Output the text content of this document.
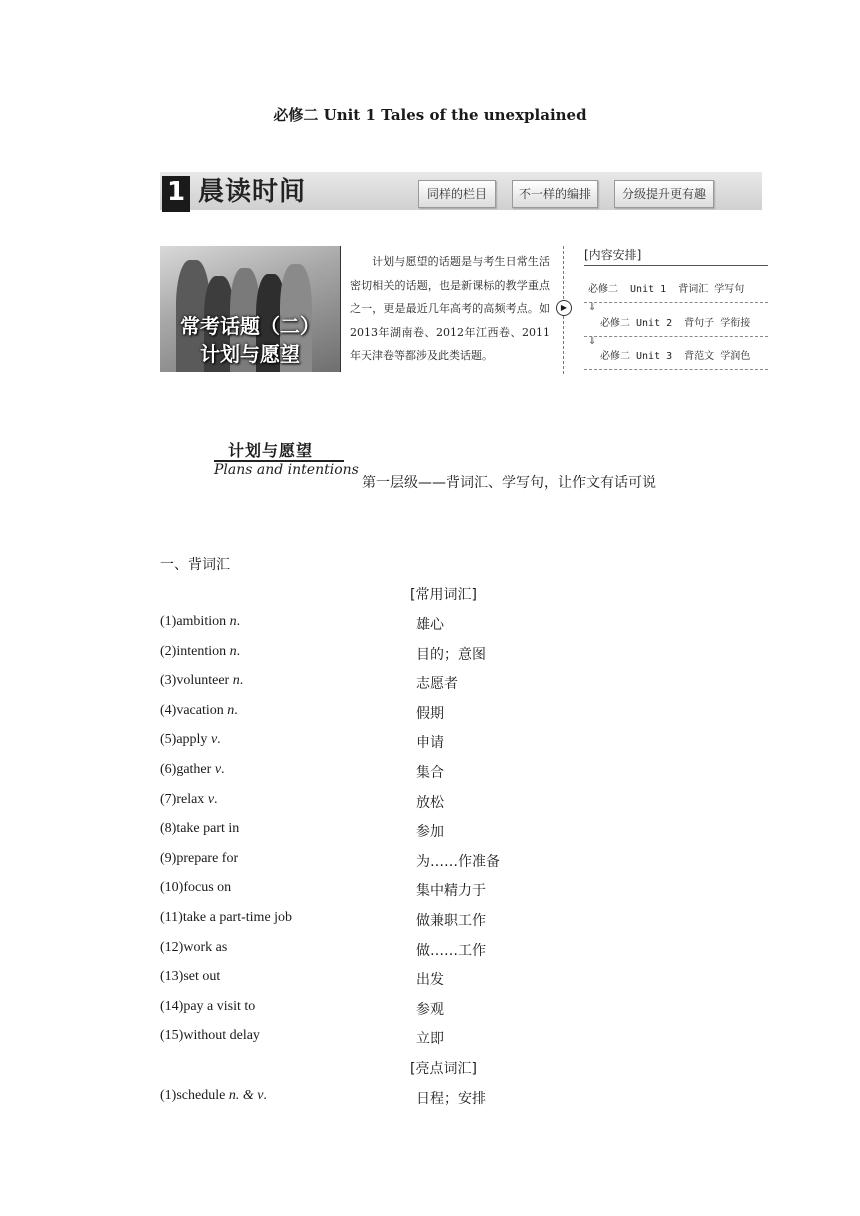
必修二 Unit 1 Tales of the unexplained
1 晨读时间	同样的栏目	不一样的编排	分级提升更有趣
常考话题（二）
计划与愿望
计划与愿望的话题是与考生日常生活密切相关的话题，也是新课标的教学重点之一，更是最近几年高考的高频考点。如2013年湖南卷、2012年江西卷、2011年天津卷等都涉及此类话题。
▶
[内容安排]
必修二  Unit 1  背词汇 学写句
⇓
必修二 Unit 2  背句子 学衔接
⇓
必修二 Unit 3  背范文 学润色
计划与愿望
Plans and intentions
第一层级——背词汇、学写句，让作文有话可说
一、背词汇
[常用词汇]
(1)ambition n.	雄心
(2)intention n.	目的；意图
(3)volunteer n.	志愿者
(4)vacation n.	假期
(5)apply v.	申请
(6)gather v.	集合
(7)relax v.	放松
(8)take part in	参加
(9)prepare for	为……作准备
(10)focus on	集中精力于
(11)take a part-time job	做兼职工作
(12)work as	做……工作
(13)set out	出发
(14)pay a visit to	参观
(15)without delay	立即
(1)schedule n. & v.	日程；安排
[亮点词汇]
